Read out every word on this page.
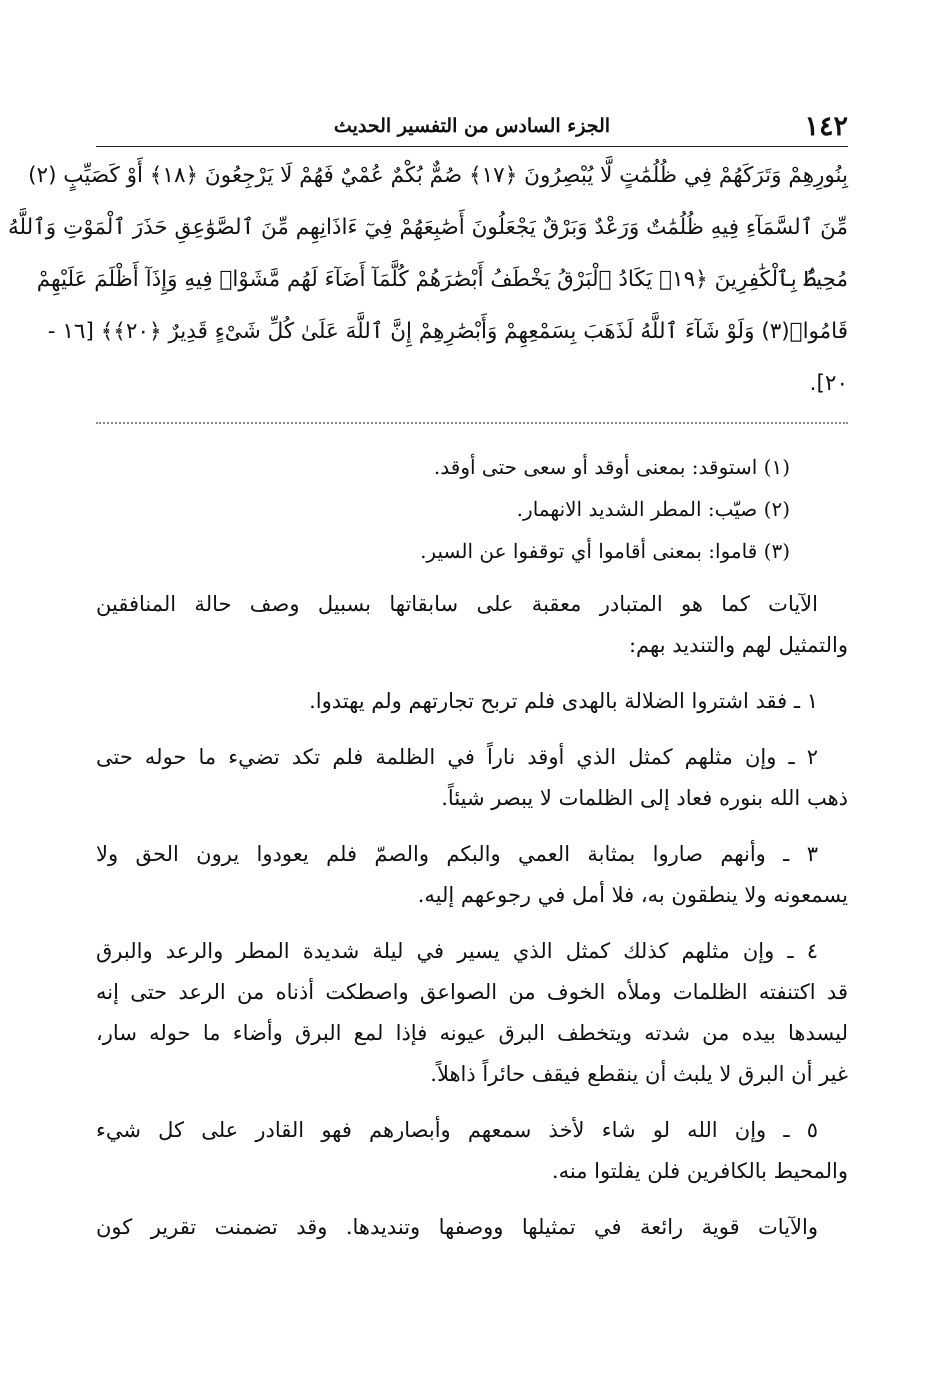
١٤٢
الجزء السادس من التفسير الحديث
بِنُورِهِمْ وَتَرَكَهُمْ فِي ظُلُمَٰتٍ لَّا يُبْصِرُونَ ﴿١٧﴾ صُمٌّ بُكْمٌ عُمْيٌ فَهُمْ لَا يَرْجِعُونَ ﴿١٨﴾ أَوْ كَصَيِّبٍ (٢)
مِّنَ ٱلسَّمَآءِ فِيهِ ظُلُمَٰتٌ وَرَعْدٌ وَبَرْقٌ يَجْعَلُونَ أَصَٰبِعَهُمْ فِيٓ ءَاذَانِهِم مِّنَ ٱلصَّوَٰعِقِ حَذَرَ ٱلْمَوْتِ وَٱللَّهُ
مُحِيطٌۢ بِٱلْكَٰفِرِينَ ﴿١٩﴾ يَكَادُ ٱلْبَرْقُ يَخْطَفُ أَبْصَٰرَهُمْ كُلَّمَآ أَضَآءَ لَهُم مَّشَوْا۟ فِيهِ وَإِذَآ أَظْلَمَ عَلَيْهِمْ
قَامُوا۟(٣) وَلَوْ شَآءَ ٱللَّهُ لَذَهَبَ بِسَمْعِهِمْ وَأَبْصَٰرِهِمْ إِنَّ ٱللَّهَ عَلَىٰ كُلِّ شَىْءٍ قَدِيرٌ ﴿٢٠﴾﴾ [١٦ -
٢٠].
(١) استوقد: بمعنى أوقد أو سعى حتى أوقد.
(٢) صيّب: المطر الشديد الانهمار.
(٣) قاموا: بمعنى أقاموا أي توقفوا عن السير.
الآيات كما هو المتبادر معقبة على سابقاتها بسبيل وصف حالة المنافقين
والتمثيل لهم والتنديد بهم:
١ ـ فقد اشتروا الضلالة بالهدى فلم تربح تجارتهم ولم يهتدوا.
٢ ـ وإن مثلهم كمثل الذي أوقد ناراً في الظلمة فلم تكد تضيء ما حوله حتى
ذهب الله بنوره فعاد إلى الظلمات لا يبصر شيئاً.
٣ ـ وأنهم صاروا بمثابة العمي والبكم والصمّ فلم يعودوا يرون الحق ولا
يسمعونه ولا ينطقون به، فلا أمل في رجوعهم إليه.
٤ ـ وإن مثلهم كذلك كمثل الذي يسير في ليلة شديدة المطر والرعد والبرق
قد اكتنفته الظلمات وملأه الخوف من الصواعق واصطكت أذناه من الرعد حتى إنه
ليسدها بيده من شدته ويتخطف البرق عيونه فإذا لمع البرق وأضاء ما حوله سار،
غير أن البرق لا يلبث أن ينقطع فيقف حائراً ذاهلاً.
٥ ـ وإن الله لو شاء لأخذ سمعهم وأبصارهم فهو القادر على كل شيء
والمحيط بالكافرين فلن يفلتوا منه.
والآيات قوية رائعة في تمثيلها ووصفها وتنديدها. وقد تضمنت تقرير كون
